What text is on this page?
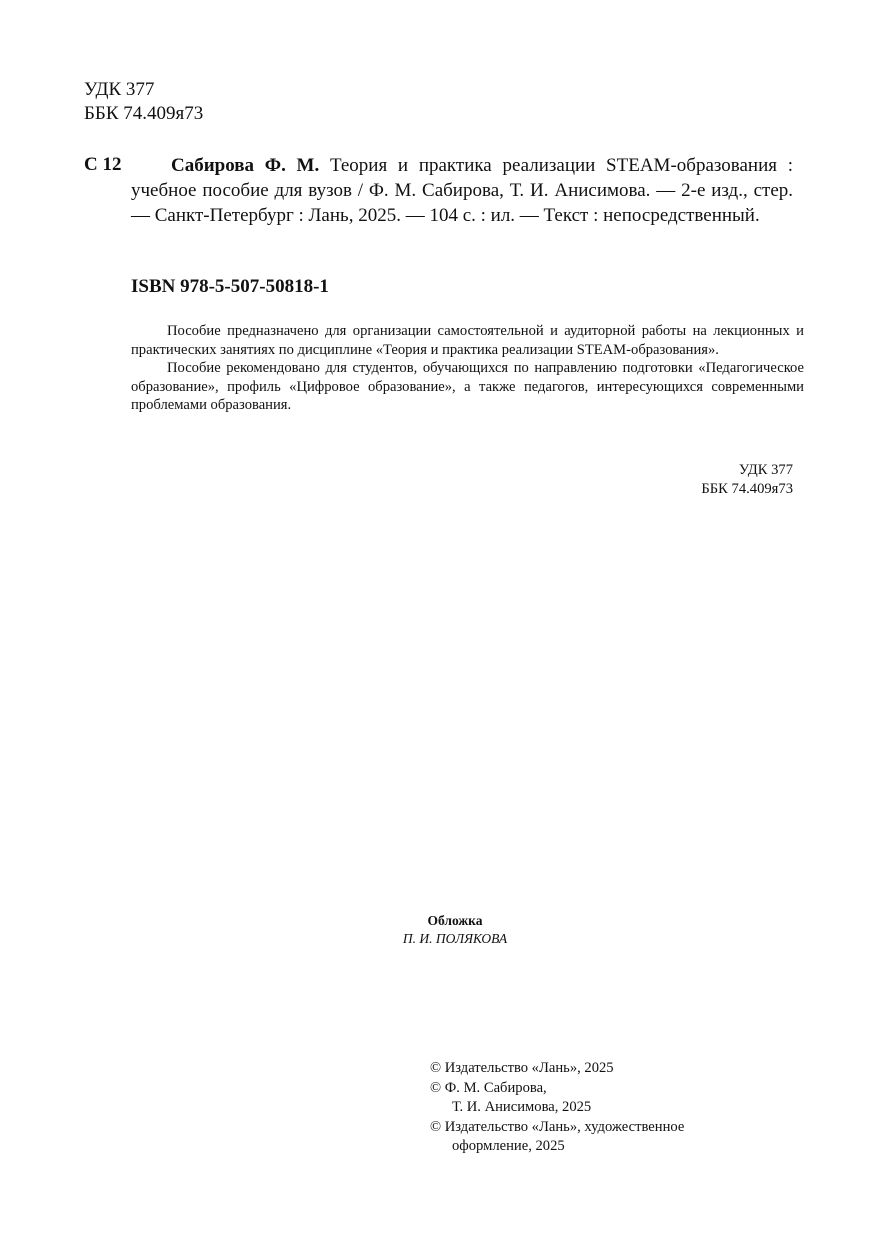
УДК 377
ББК 74.409я73
С 12	Сабирова Ф. М. Теория и практика реализации STEAM-образования : учебное пособие для вузов / Ф. М. Сабирова, Т. И. Анисимова. — 2-е изд., стер. — Санкт-Петербург : Лань, 2025. — 104 с. : ил. — Текст : непосредственный.
ISBN 978-5-507-50818-1

Пособие предназначено для организации самостоятельной и аудиторной работы на лекционных и практических занятиях по дисциплине «Теория и практика реализации STEAM-образования».

Пособие рекомендовано для студентов, обучающихся по направлению подготовки «Педагогическое образование», профиль «Цифровое образование», а также педагогов, интересующихся современными проблемами образования.

УДК 377
ББК 74.409я73
Обложка
П. И. ПОЛЯКОВА
© Издательство «Лань», 2025
© Ф. М. Сабирова,
Т. И. Анисимова, 2025
© Издательство «Лань», художественное
оформление, 2025
